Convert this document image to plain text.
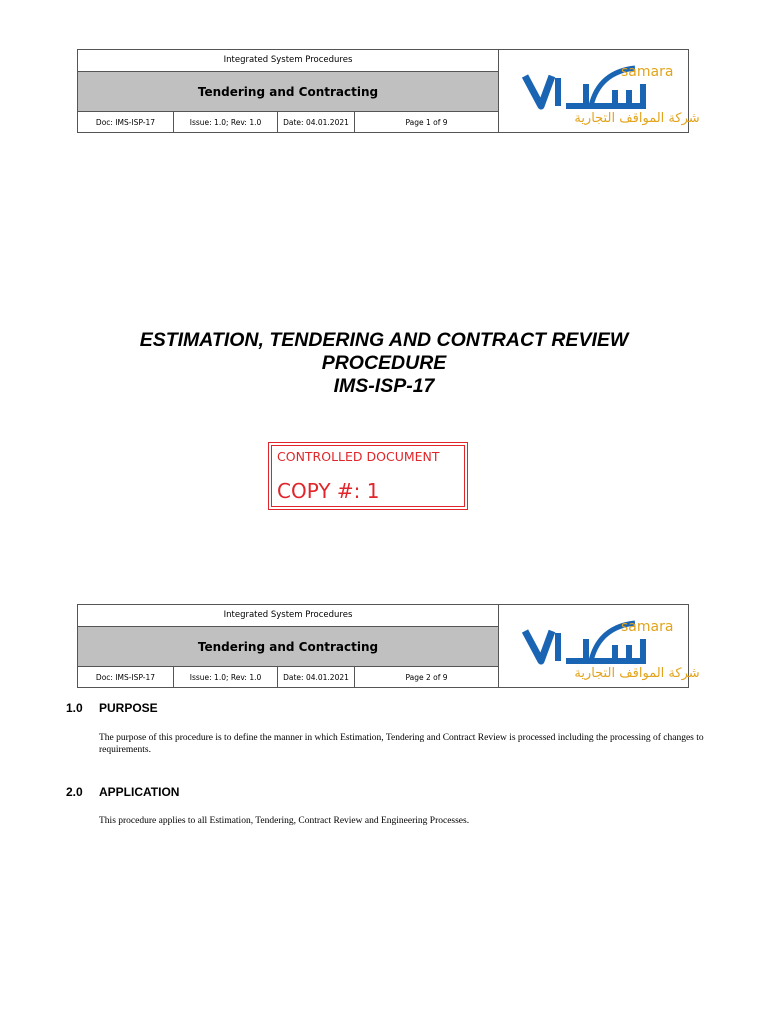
Integrated System Procedures
Tendering and Contracting
Doc: IMS-ISP-17	Issue: 1.0; Rev: 1.0	Date: 04.01.2021	Page 1 of 9
samara
شركة المواقف التجارية
ESTIMATION, TENDERING AND CONTRACT REVIEW
PROCEDURE
IMS-ISP-17
CONTROLLED DOCUMENT
COPY #: 1
Integrated System Procedures
Tendering and Contracting
Doc: IMS-ISP-17	Issue: 1.0; Rev: 1.0	Date: 04.01.2021	Page 2 of 9
samara
شركة المواقف التجارية
1.0 PURPOSE
The purpose of this procedure is to define the manner in which Estimation, Tendering and Contract Review is processed including the processing of changes to requirements.
2.0 APPLICATION
This procedure applies to all Estimation, Tendering, Contract Review and Engineering Processes.
